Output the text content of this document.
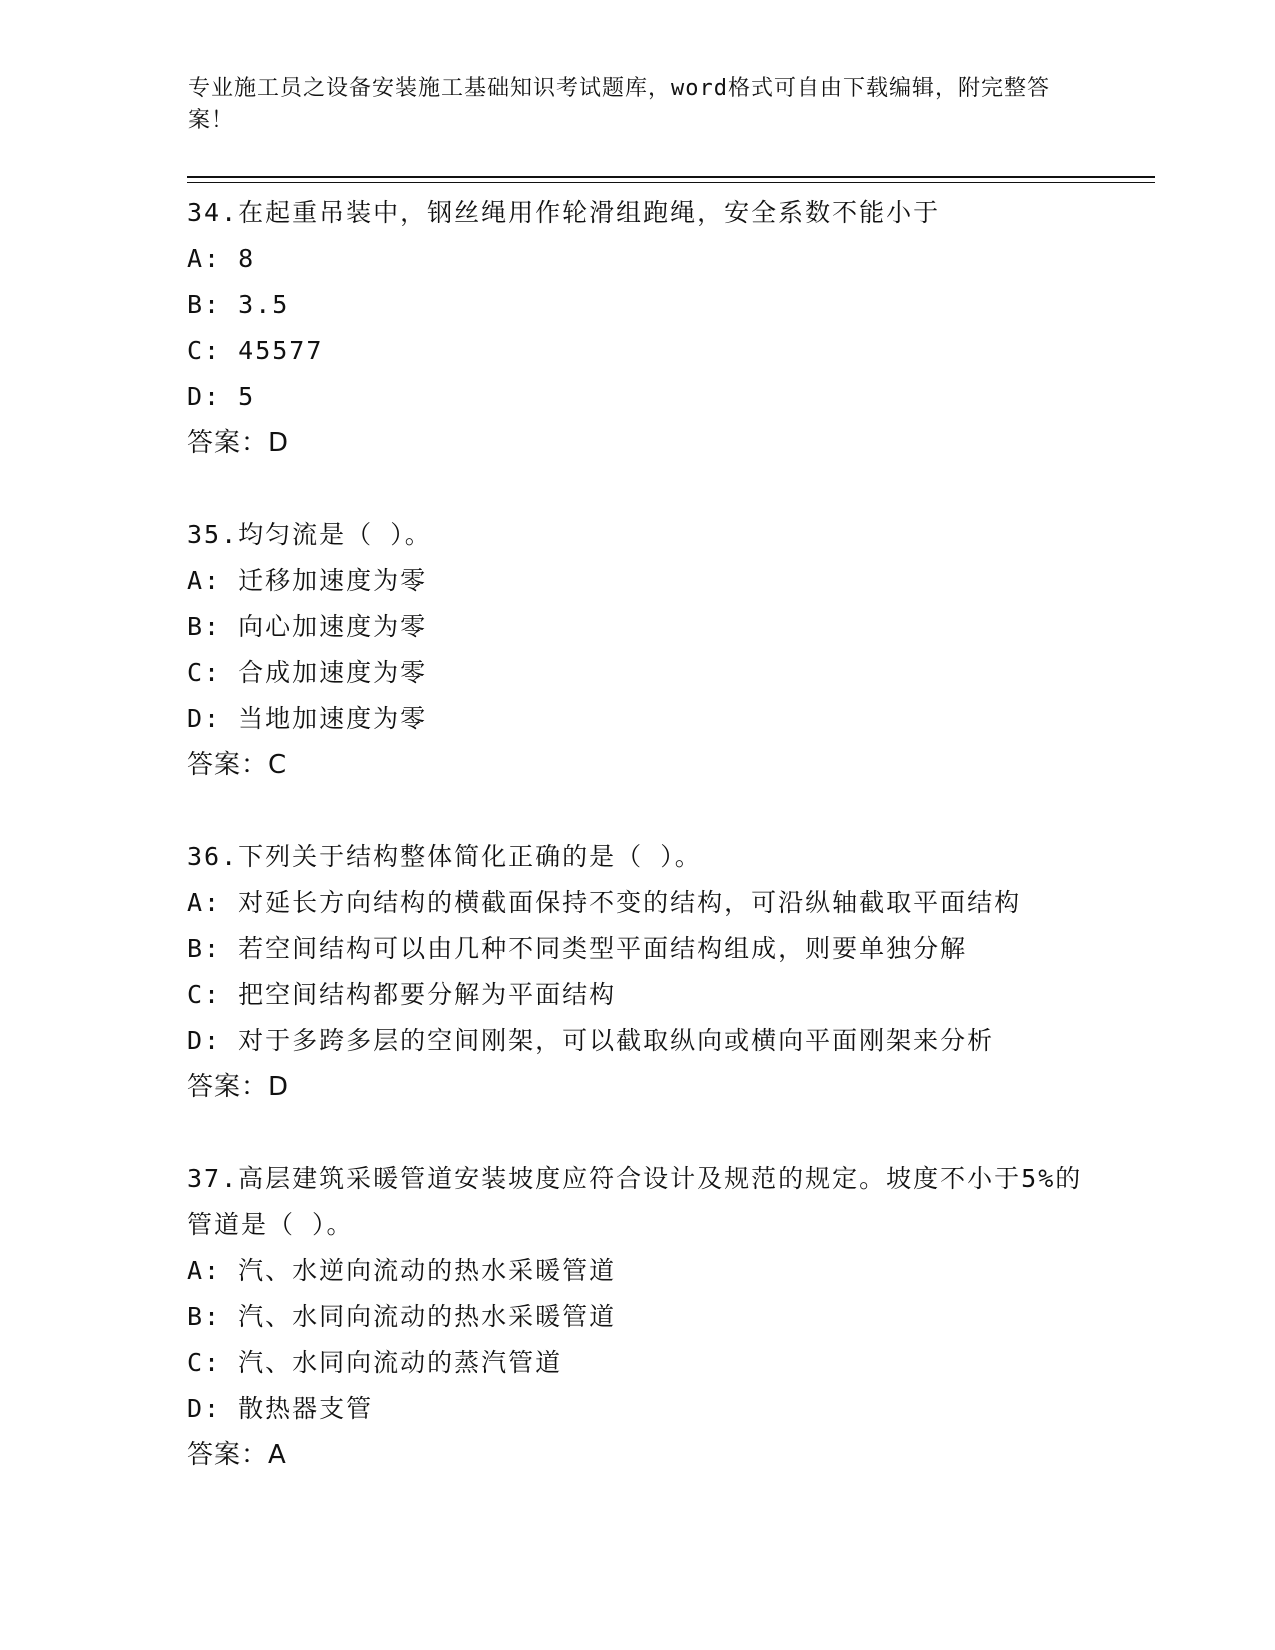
专业施工员之设备安装施工基础知识考试题库，word格式可自由下载编辑，附完整答案！

34.在起重吊装中，钢丝绳用作轮滑组跑绳，安全系数不能小于
A: 8
B: 3.5
C: 45577
D: 5
答案：D
35.均匀流是（ ）。
A: 迁移加速度为零
B: 向心加速度为零
C: 合成加速度为零
D: 当地加速度为零
答案：C
36.下列关于结构整体简化正确的是（ ）。
A: 对延长方向结构的横截面保持不变的结构，可沿纵轴截取平面结构
B: 若空间结构可以由几种不同类型平面结构组成，则要单独分解
C: 把空间结构都要分解为平面结构
D: 对于多跨多层的空间刚架，可以截取纵向或横向平面刚架来分析
答案：D
37.高层建筑采暖管道安装坡度应符合设计及规范的规定。坡度不小于5%的管道是（ ）。
A: 汽、水逆向流动的热水采暖管道
B: 汽、水同向流动的热水采暖管道
C: 汽、水同向流动的蒸汽管道
D: 散热器支管
答案：A
